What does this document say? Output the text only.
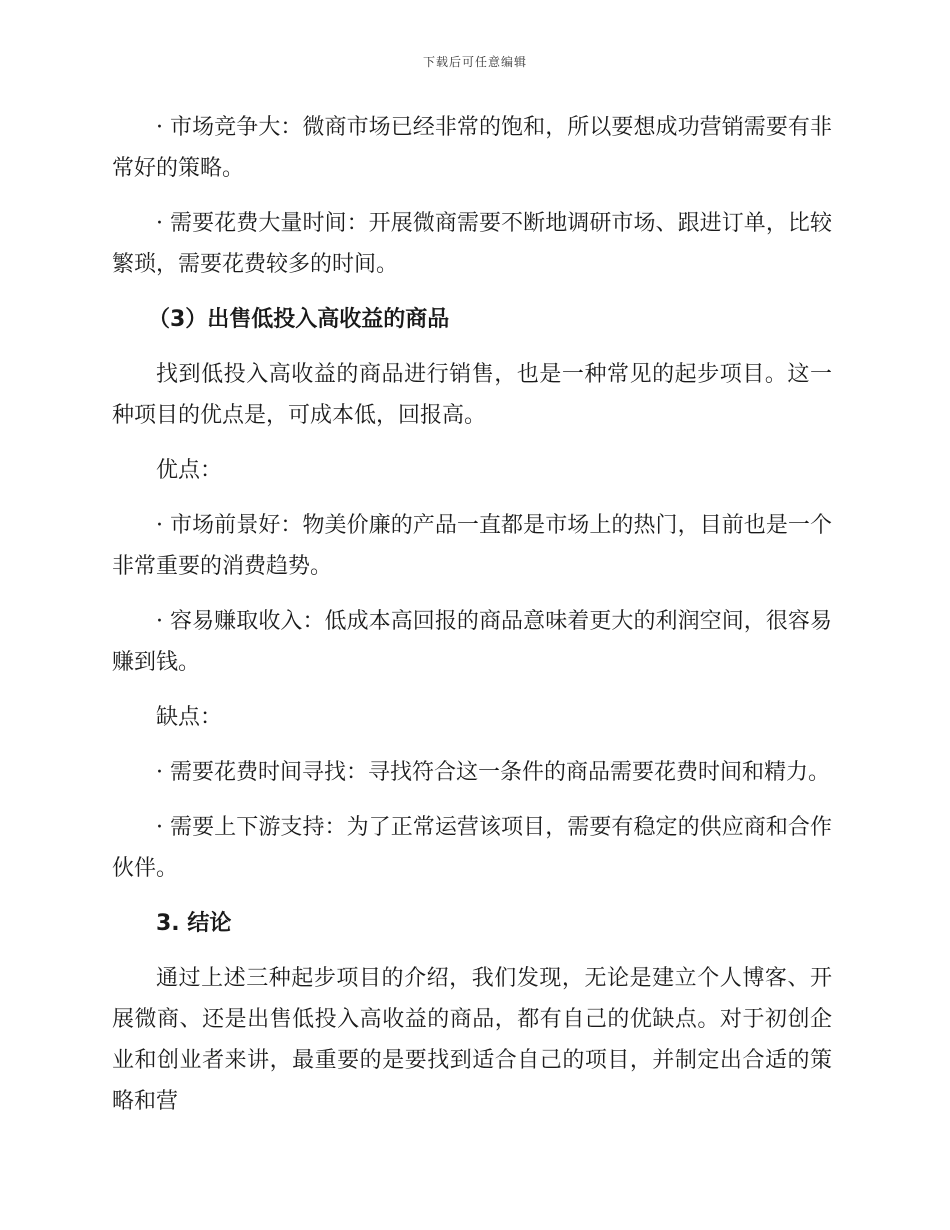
下载后可任意编辑

· 市场竞争大：微商市场已经非常的饱和，所以要想成功营销需要有非常好的策略。

· 需要花费大量时间：开展微商需要不断地调研市场、跟进订单，比较繁琐，需要花费较多的时间。

（3）出售低投入高收益的商品

找到低投入高收益的商品进行销售，也是一种常见的起步项目。这一种项目的优点是，可成本低，回报高。

优点：

· 市场前景好：物美价廉的产品一直都是市场上的热门，目前也是一个非常重要的消费趋势。

· 容易赚取收入：低成本高回报的商品意味着更大的利润空间，很容易赚到钱。

缺点：

· 需要花费时间寻找：寻找符合这一条件的商品需要花费时间和精力。

· 需要上下游支持：为了正常运营该项目，需要有稳定的供应商和合作伙伴。

3. 结论

通过上述三种起步项目的介绍，我们发现，无论是建立个人博客、开展微商、还是出售低投入高收益的商品，都有自己的优缺点。对于初创企业和创业者来讲，最重要的是要找到适合自己的项目，并制定出合适的策略和营
